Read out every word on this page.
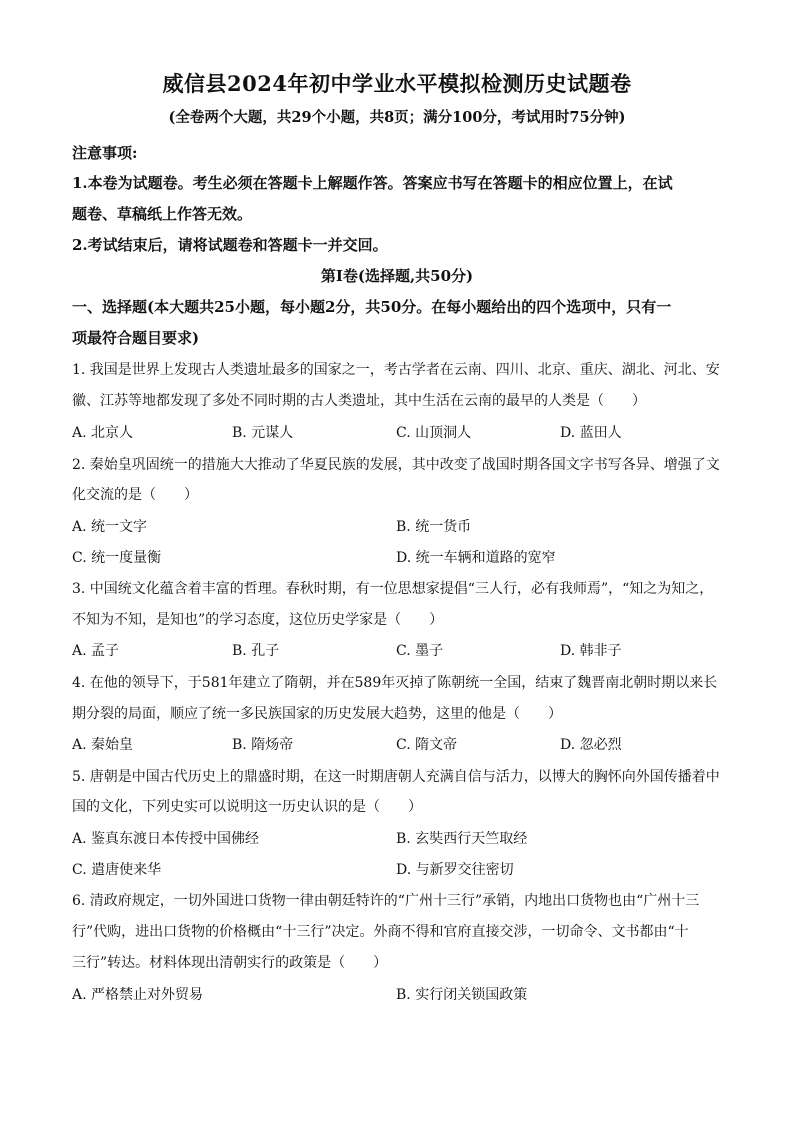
威信县2024年初中学业水平模拟检测历史试题卷
(全卷两个大题，共29个小题，共8页；满分100分，考试用时75分钟)
注意事项:
1.本卷为试题卷。考生必须在答题卡上解题作答。答案应书写在答题卡的相应位置上，在试
题卷、草稿纸上作答无效。
2.考试结束后，请将试题卷和答题卡一并交回。
第Ⅰ卷(选择题,共50分)
一、选择题(本大题共25小题，每小题2分，共50分。在每小题给出的四个选项中，只有一
项最符合题目要求)
1. 我国是世界上发现古人类遗址最多的国家之一，考古学者在云南、四川、北京、重庆、湖北、河北、安
徽、江苏等地都发现了多处不同时期的古人类遗址，其中生活在云南的最早的人类是（　　）
A. 北京人	B. 元谋人	C. 山顶洞人	D. 蓝田人
2. 秦始皇巩固统一的措施大大推动了华夏民族的发展，其中改变了战国时期各国文字书写各异、增强了文
化交流的是（　　）
A. 统一文字	B. 统一货币
C. 统一度量衡	D. 统一车辆和道路的宽窄
3. 中国统文化蕴含着丰富的哲理。春秋时期，有一位思想家提倡“三人行，必有我师焉”，“知之为知之，
不知为不知，是知也”的学习态度，这位历史学家是（　　）
A. 孟子	B. 孔子	C. 墨子	D. 韩非子
4. 在他的领导下，于581年建立了隋朝，并在589年灭掉了陈朝统一全国，结束了魏晋南北朝时期以来长
期分裂的局面，顺应了统一多民族国家的历史发展大趋势，这里的他是（　　）
A. 秦始皇	B. 隋炀帝	C. 隋文帝	D. 忽必烈
5. 唐朝是中国古代历史上的鼎盛时期，在这一时期唐朝人充满自信与活力，以博大的胸怀向外国传播着中
国的文化，下列史实可以说明这一历史认识的是（　　）
A. 鉴真东渡日本传授中国佛经	B. 玄奘西行天竺取经
C. 遣唐使来华	D. 与新罗交往密切
6. 清政府规定，一切外国进口货物一律由朝廷特许的“广州十三行”承销，内地出口货物也由“广州十三
行”代购，进出口货物的价格概由“十三行”决定。外商不得和官府直接交涉，一切命令、文书都由“十
三行”转达。材料体现出清朝实行的政策是（　　）
A. 严格禁止对外贸易	B. 实行闭关锁国政策
